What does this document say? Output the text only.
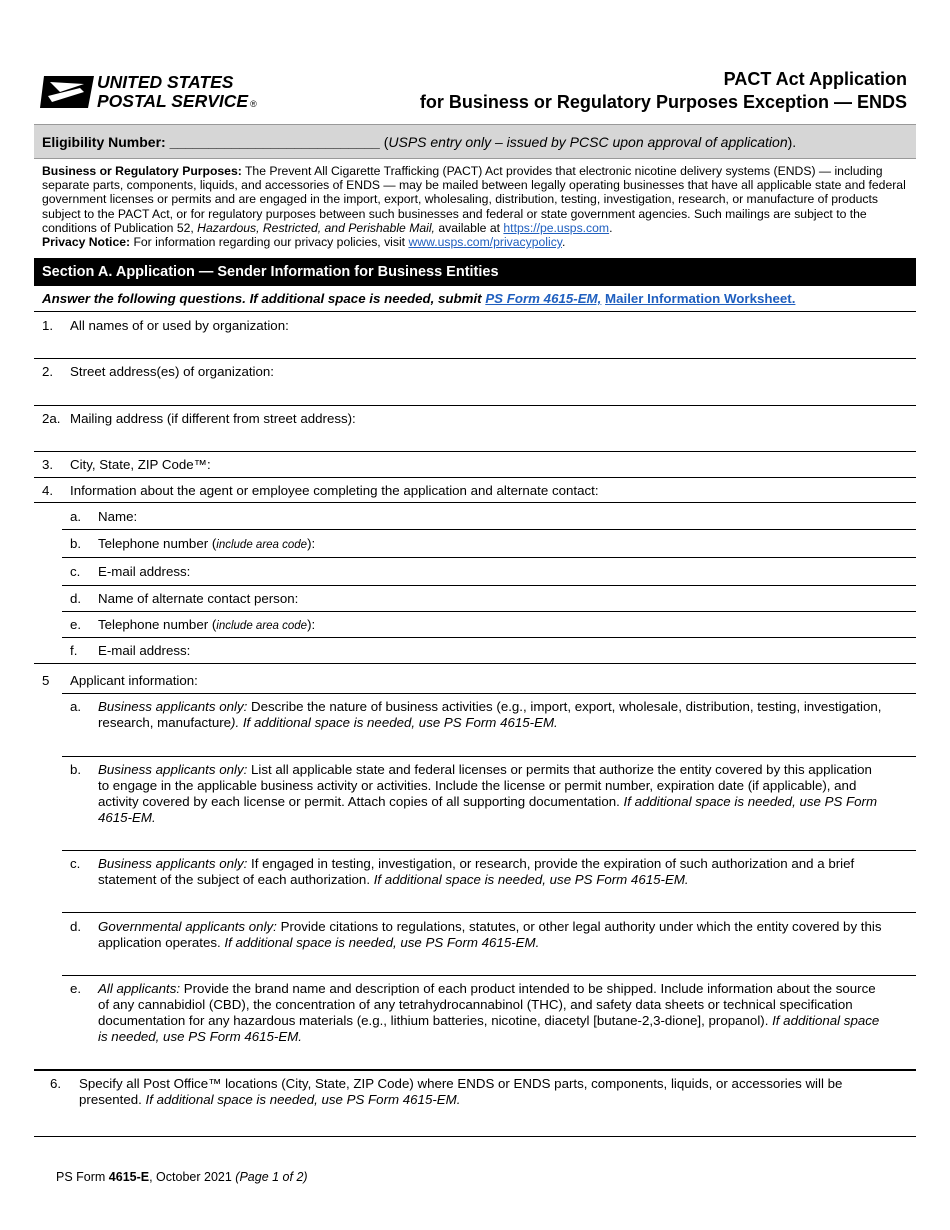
UNITED STATES
POSTAL SERVICE ®
PACT Act Application
for Business or Regulatory Purposes Exception — ENDS
Eligibility Number: ___________________________ (USPS entry only – issued by PCSC upon approval of application).
Business or Regulatory Purposes: The Prevent All Cigarette Trafficking (PACT) Act provides that electronic nicotine delivery systems (ENDS) — including separate parts, components, liquids, and accessories of ENDS — may be mailed between legally operating businesses that have all applicable state and federal government licenses or permits and are engaged in the import, export, wholesaling, distribution, testing, investigation, research, or manufacture of products subject to the PACT Act, or for regulatory purposes between such businesses and federal or state government agencies. Such mailings are subject to the conditions of Publication 52, Hazardous, Restricted, and Perishable Mail, available at https://pe.usps.com.
Privacy Notice: For information regarding our privacy policies, visit www.usps.com/privacypolicy.
Section A. Application — Sender Information for Business Entities
Answer the following questions. If additional space is needed, submit PS Form 4615-EM, Mailer Information Worksheet.
1. All names of or used by organization:
2. Street address(es) of organization:
2a. Mailing address (if different from street address):
3. City, State, ZIP Code™:
4. Information about the agent or employee completing the application and alternate contact:
a. Name:
b. Telephone number (include area code):
c. E-mail address:
d. Name of alternate contact person:
e. Telephone number (include area code):
f. E-mail address:
5 Applicant information:
a. Business applicants only: Describe the nature of business activities (e.g., import, export, wholesale, distribution, testing, investigation, research, manufacture). If additional space is needed, use PS Form 4615-EM.
b. Business applicants only: List all applicable state and federal licenses or permits that authorize the entity covered by this application to engage in the applicable business activity or activities. Include the license or permit number, expiration date (if applicable), and activity covered by each license or permit. Attach copies of all supporting documentation. If additional space is needed, use PS Form 4615-EM.
c. Business applicants only: If engaged in testing, investigation, or research, provide the expiration of such authorization and a brief statement of the subject of each authorization. If additional space is needed, use PS Form 4615-EM.
d. Governmental applicants only: Provide citations to regulations, statutes, or other legal authority under which the entity covered by this application operates. If additional space is needed, use PS Form 4615-EM.
e. All applicants: Provide the brand name and description of each product intended to be shipped. Include information about the source of any cannabidiol (CBD), the concentration of any tetrahydrocannabinol (THC), and safety data sheets or technical specification documentation for any hazardous materials (e.g., lithium batteries, nicotine, diacetyl [butane-2,3-dione], propanol). If additional space is needed, use PS Form 4615-EM.
6. Specify all Post Office™ locations (City, State, ZIP Code) where ENDS or ENDS parts, components, liquids, or accessories will be presented. If additional space is needed, use PS Form 4615-EM.
PS Form 4615-E, October 2021 (Page 1 of 2)
